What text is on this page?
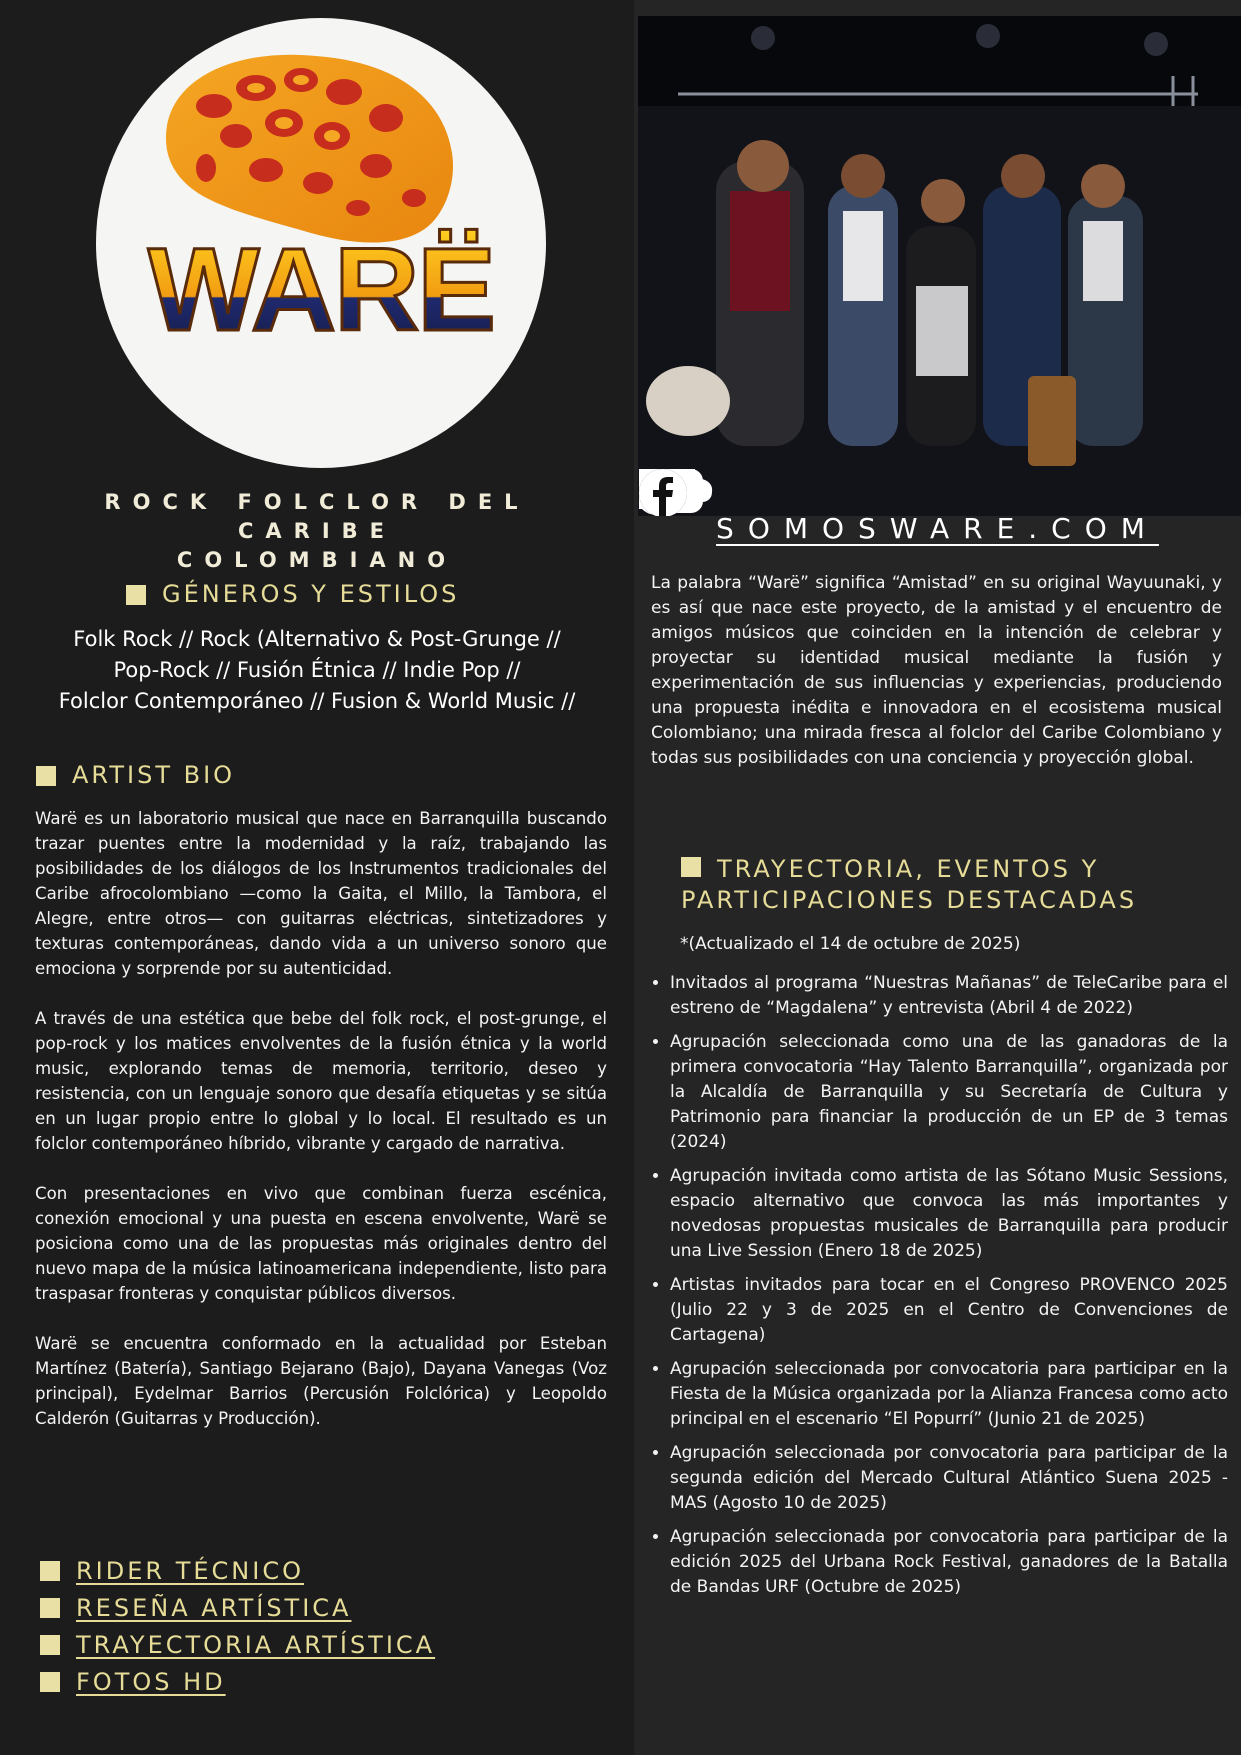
WARË
ROCK FOLCLOR DEL CARIBE
COLOMBIANO
GÉNEROS Y ESTILOS
Folk Rock // Rock (Alternativo & Post-Grunge //
Pop-Rock // Fusión Étnica // Indie Pop //
Folclor Contemporáneo // Fusion & World Music //
ARTIST BIO

Warë es un laboratorio musical que nace en Barranquilla buscando trazar puentes entre la modernidad y la raíz, trabajando las posibilidades de los diálogos de los Instrumentos tradicionales del Caribe afrocolombiano —como la Gaita, el Millo, la Tambora, el Alegre, entre otros— con guitarras eléctricas, sintetizadores y texturas contemporáneas, dando vida a un universo sonoro que emociona y sorprende por su autenticidad.

A través de una estética que bebe del folk rock, el post-grunge, el pop-rock y los matices envolventes de la fusión étnica y la world music, explorando temas de memoria, territorio, deseo y resistencia, con un lenguaje sonoro que desafía etiquetas y se sitúa en un lugar propio entre lo global y lo local. El resultado es un folclor contemporáneo híbrido, vibrante y cargado de narrativa.

Con presentaciones en vivo que combinan fuerza escénica, conexión emocional y una puesta en escena envolvente, Warë se posiciona como una de las propuestas más originales dentro del nuevo mapa de la música latinoamericana independiente, listo para traspasar fronteras y conquistar públicos diversos.

Warë se encuentra conformado en la actualidad por Esteban Martínez (Batería), Santiago Bejarano (Bajo), Dayana Vanegas (Voz principal), Eydelmar Barrios (Percusión Folclórica) y Leopoldo Calderón (Guitarras y Producción).

RIDER TÉCNICO
RESEÑA ARTÍSTICA
TRAYECTORIA ARTÍSTICA
FOTOS HD
SOMOSWARE.COM
La palabra “Warë” significa “Amistad” en su original Wayuunaki, y es así que nace este proyecto, de la amistad y el encuentro de amigos músicos que coinciden en la intención de celebrar y proyectar su identidad musical mediante la fusión y experimentación de sus influencias y experiencias, produciendo una propuesta inédita e innovadora en el ecosistema musical Colombiano; una mirada fresca al folclor del Caribe Colombiano y todas sus posibilidades con una conciencia y proyección global.
TRAYECTORIA, EVENTOS Y
PARTICIPACIONES DESTACADAS
*(Actualizado el 14 de octubre de 2025)
• Invitados al programa “Nuestras Mañanas” de TeleCaribe para el estreno de “Magdalena” y entrevista (Abril 4 de 2022)
• Agrupación seleccionada como una de las ganadoras de la primera convocatoria “Hay Talento Barranquilla”, organizada por la Alcaldía de Barranquilla y su Secretaría de Cultura y Patrimonio para financiar la producción de un EP de 3 temas (2024)
• Agrupación invitada como artista de las Sótano Music Sessions, espacio alternativo que convoca las más importantes y novedosas propuestas musicales de Barranquilla para producir una Live Session (Enero 18 de 2025)
• Artistas invitados para tocar en el Congreso PROVENCO 2025 (Julio 22 y 3 de 2025 en el Centro de Convenciones de Cartagena)
• Agrupación seleccionada por convocatoria para participar en la Fiesta de la Música organizada por la Alianza Francesa como acto principal en el escenario “El Popurrí” (Junio 21 de 2025)
• Agrupación seleccionada por convocatoria para participar de la segunda edición del Mercado Cultural Atlántico Suena 2025 - MAS (Agosto 10 de 2025)
• Agrupación seleccionada por convocatoria para participar de la edición 2025 del Urbana Rock Festival, ganadores de la Batalla de Bandas URF (Octubre de 2025)
